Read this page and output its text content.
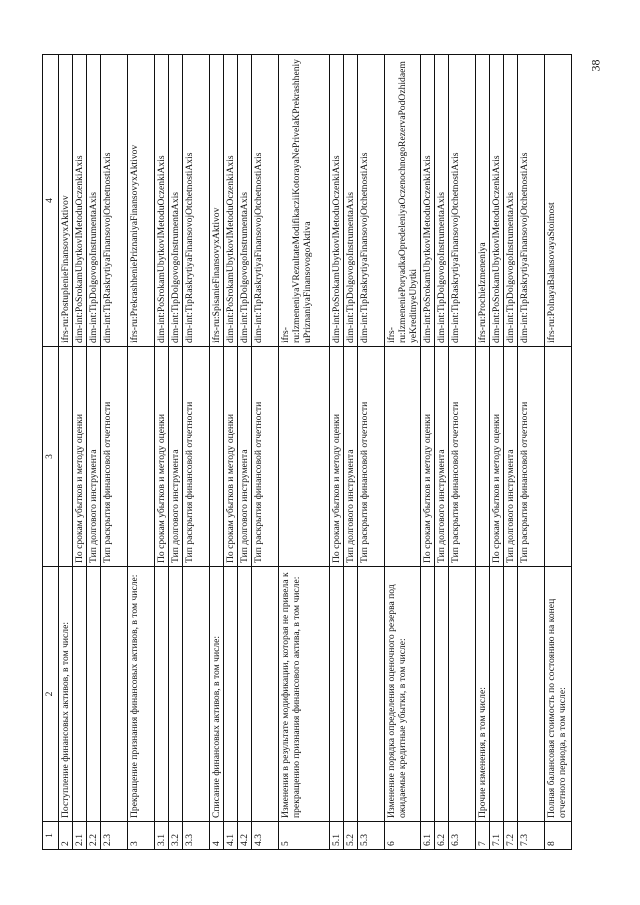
38
1	2	3	4
2	Поступление финансовых активов, в том числе:		ifrs-ru:PostuplenieFinansovyxAktivov
2.1		По срокам убытков и методу оценки	dim-int:PoSrokamUbytkovIMetoduOczenkiAxis
2.2		Тип долгового инструмента	dim-int:TipDolgovogoInstrumentaAxis
2.3		Тип раскрытия финансовой отчетности	dim-int:TipRaskrytiyaFinansovojOtchetnostiAxis
3	Прекращение признания финансовых активов, в том числе:		ifrs-ru:PrekrashheniePriznaniyaFinansovyxAktivov
3.1		По срокам убытков и методу оценки	dim-int:PoSrokamUbytkovIMetoduOczenkiAxis
3.2		Тип долгового инструмента	dim-int:TipDolgovogoInstrumentaAxis
3.3		Тип раскрытия финансовой отчетности	dim-int:TipRaskrytiyaFinansovojOtchetnostiAxis
4	Списание финансовых активов, в том числе:		ifrs-ru:SpisanieFinansovyxAktivov
4.1		По срокам убытков и методу оценки	dim-int:PoSrokamUbytkovIMetoduOczenkiAxis
4.2		Тип долгового инструмента	dim-int:TipDolgovogoInstrumentaAxis
4.3		Тип раскрытия финансовой отчетности	dim-int:TipRaskrytiyaFinansovojOtchetnostiAxis
5	Изменения в результате модификации, которая не привела к прекращению признания финансового актива, в том числе:		ifrs-ru:IzmeneniyaVRezultateModifikacziiKotorayaNePrivelaKPrekrashheniyuPriznaniyaFinansovogoAktiva
5.1		По срокам убытков и методу оценки	dim-int:PoSrokamUbytkovIMetoduOczenkiAxis
5.2		Тип долгового инструмента	dim-int:TipDolgovogoInstrumentaAxis
5.3		Тип раскрытия финансовой отчетности	dim-int:TipRaskrytiyaFinansovojOtchetnostiAxis
6	Изменение порядка определения оценочного резерва под ожидаемые кредитные убытки, в том числе:		ifrs-ru:IzmeneniePoryadkaOpredeleniyaOczenochnogoRezervaPodOzhidaemyeKreditnyeUbytki
6.1		По срокам убытков и методу оценки	dim-int:PoSrokamUbytkovIMetoduOczenkiAxis
6.2		Тип долгового инструмента	dim-int:TipDolgovogoInstrumentaAxis
6.3		Тип раскрытия финансовой отчетности	dim-int:TipRaskrytiyaFinansovojOtchetnostiAxis
7	Прочие изменения, в том числе:		ifrs-ru:ProchieIzmeneniya
7.1		По срокам убытков и методу оценки	dim-int:PoSrokamUbytkovIMetoduOczenkiAxis
7.2		Тип долгового инструмента	dim-int:TipDolgovogoInstrumentaAxis
7.3		Тип раскрытия финансовой отчетности	dim-int:TipRaskrytiyaFinansovojOtchetnostiAxis
8	Полная балансовая стоимость по состоянию на конец отчетного периода, в том числе:		ifrs-ru:PolnayaBalansovayaStoimost
